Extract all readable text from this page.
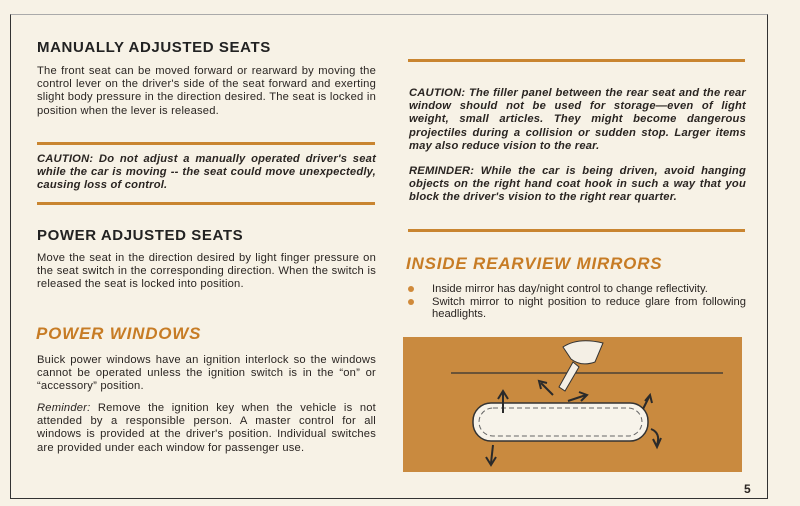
MANUALLY ADJUSTED SEATS

The front seat can be moved forward or rearward by moving the control lever on the driver's side of the seat forward and exerting slight body pressure in the direction desired. The seat is locked in position when the lever is released.

CAUTION: Do not adjust a manually operated driver's seat while the car is moving -- the seat could move unexpectedly, causing loss of control.

POWER ADJUSTED SEATS

Move the seat in the direction desired by light finger pressure on the seat switch in the corresponding direction. When the switch is released the seat is locked into position.

POWER WINDOWS

Buick power windows have an ignition interlock so the windows cannot be operated unless the ignition switch is in the “on” or “accessory” position.

Reminder: Remove the ignition key when the vehicle is not attended by a responsible person. A master control for all windows is provided at the driver's position. Individual switches are provided under each window for passenger use.

CAUTION: The filler panel between the rear seat and the rear window should not be used for storage—even of light weight, small articles. They might become dangerous projectiles during a collision or sudden stop. Larger items may also reduce vision to the rear.

REMINDER: While the car is being driven, avoid hanging objects on the right hand coat hook in such a way that you block the driver's vision to the right rear quarter.

INSIDE REARVIEW MIRRORS
Inside mirror has day/night control to change reflectivity.
Switch mirror to night position to reduce glare from following headlights.
5
